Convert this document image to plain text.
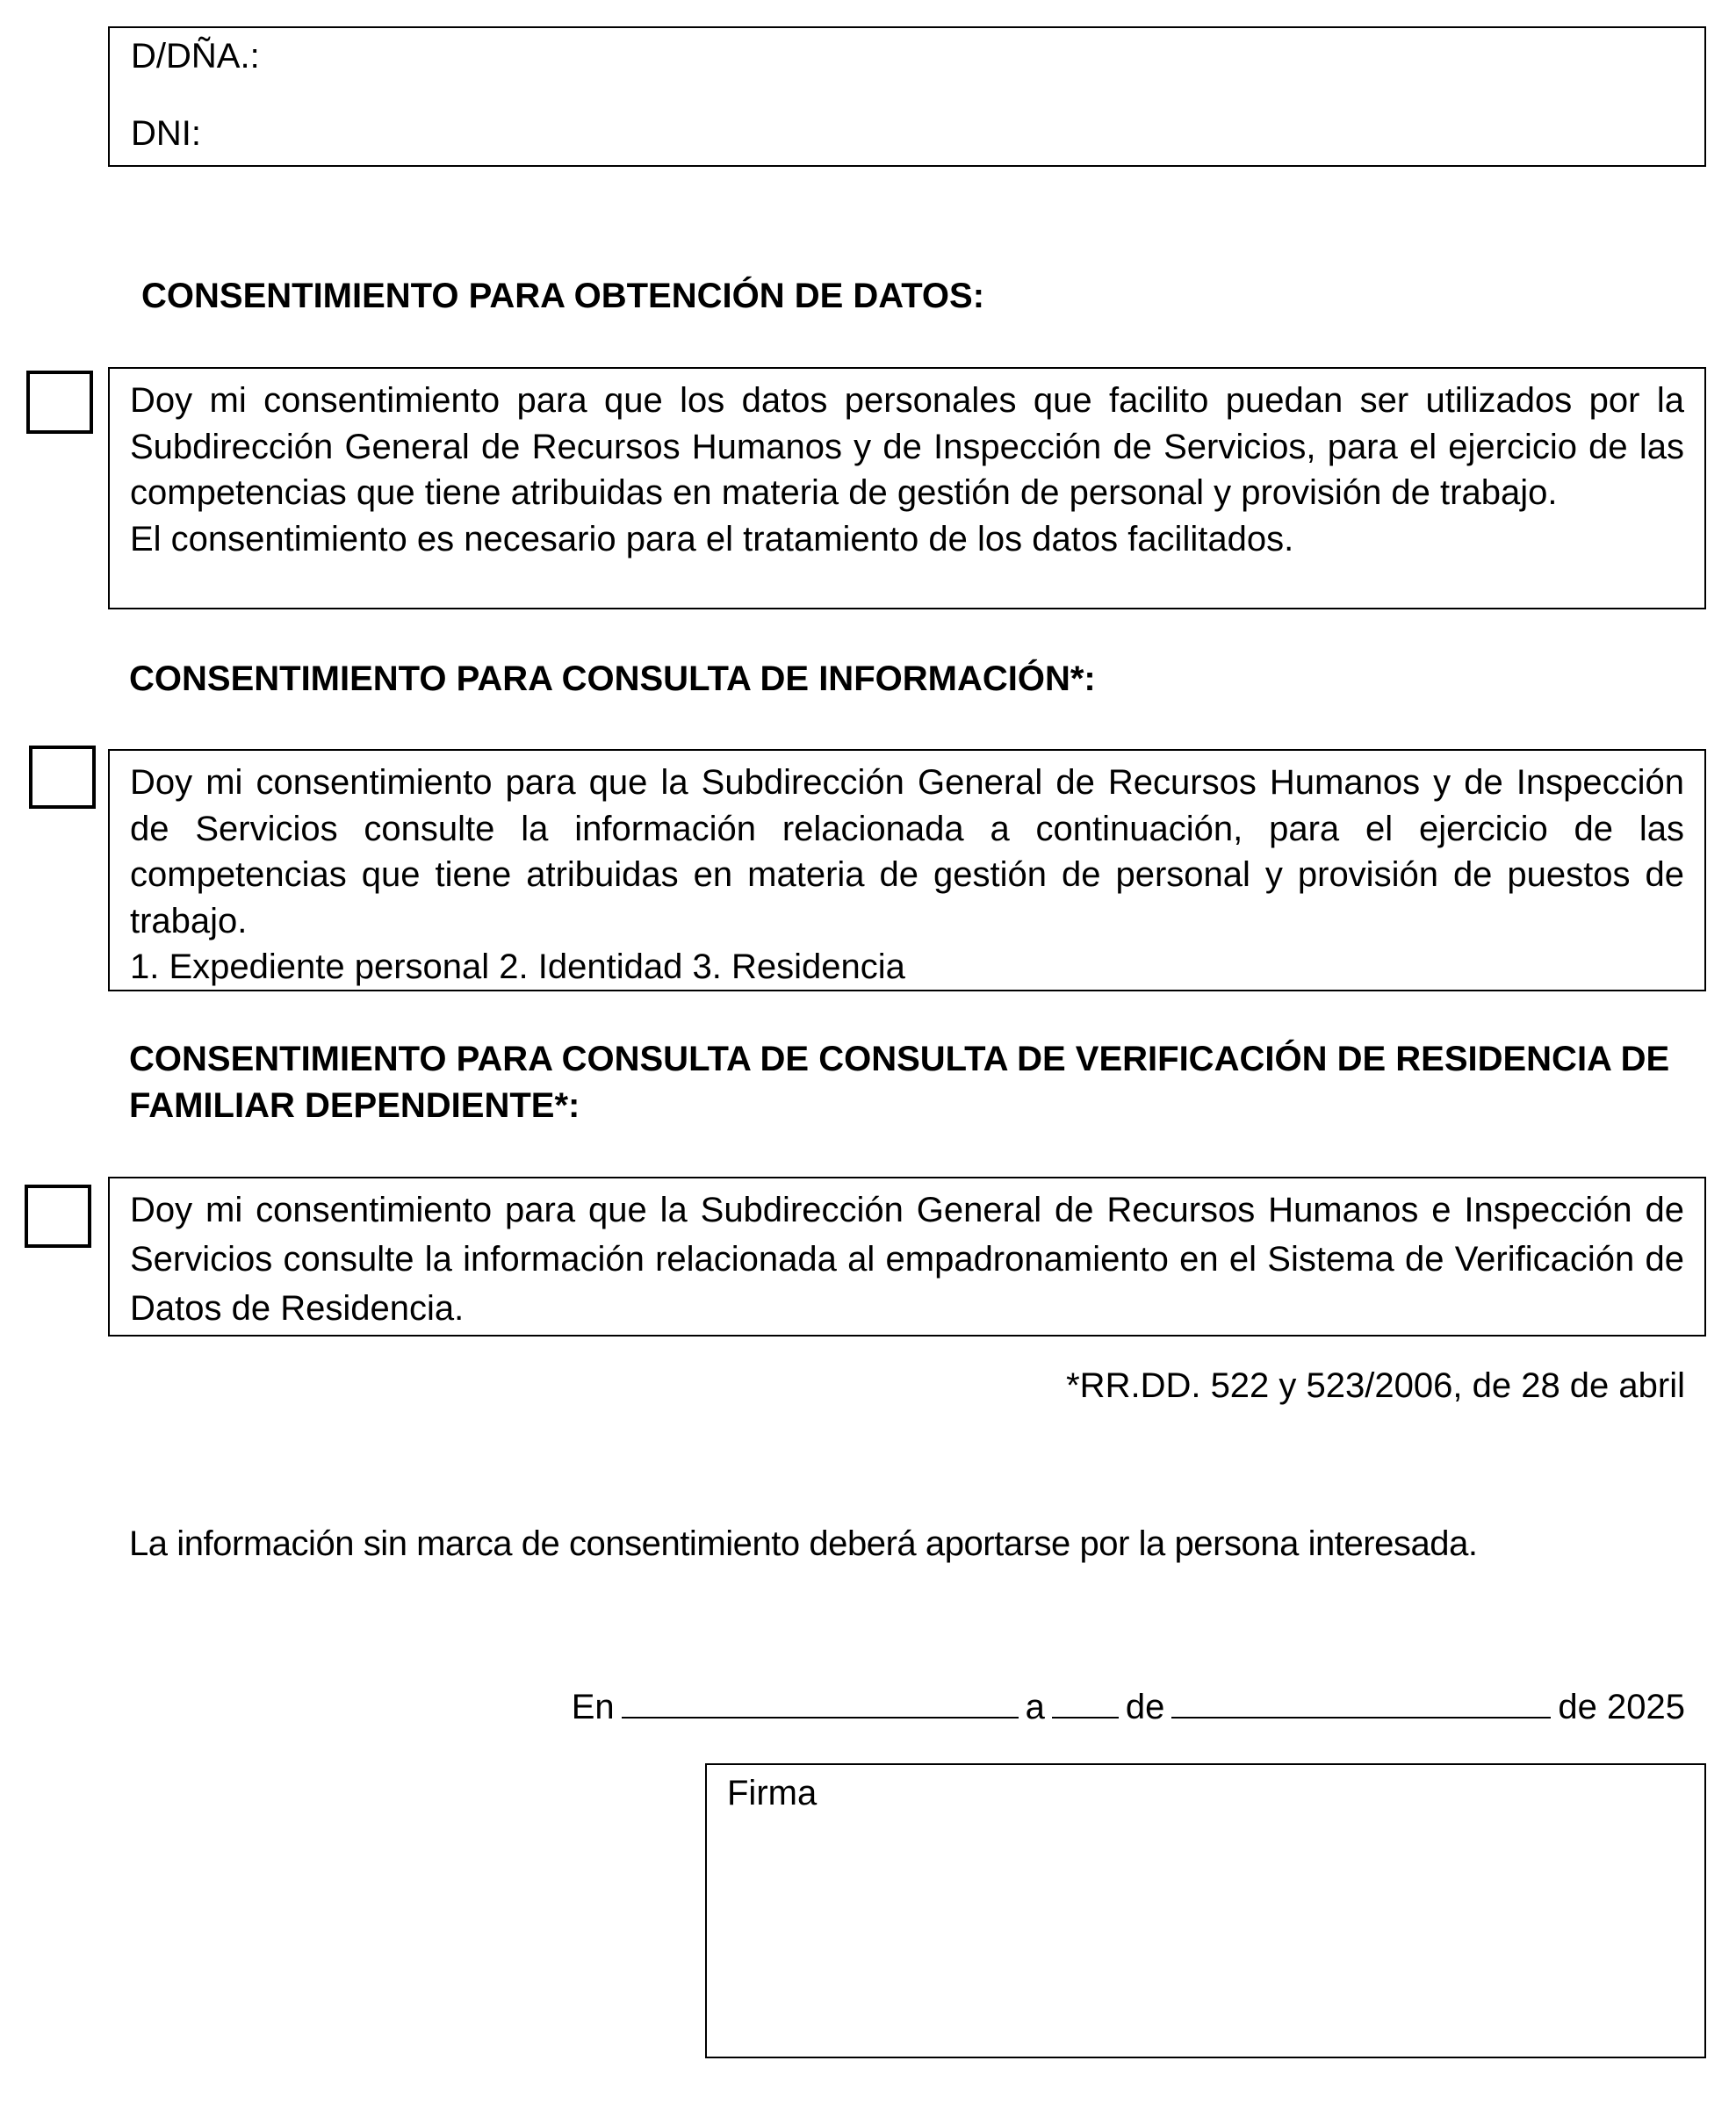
D/DÑA.:
DNI:
CONSENTIMIENTO PARA OBTENCIÓN DE DATOS:

Doy mi consentimiento para que los datos personales que facilito puedan ser utilizados por la Subdirección General de Recursos Humanos y de Inspección de Servicios, para el ejercicio de las competencias que tiene atribuidas en materia de gestión de personal y provisión de trabajo.

El consentimiento es necesario para el tratamiento de los datos facilitados.

CONSENTIMIENTO PARA CONSULTA DE INFORMACIÓN*:

Doy mi consentimiento para que la Subdirección General de Recursos Humanos y de Inspección de Servicios consulte la información relacionada a continuación, para el ejercicio de las competencias que tiene atribuidas en materia de gestión de personal y provisión de puestos de trabajo.

1. Expediente personal 2. Identidad 3. Residencia

CONSENTIMIENTO PARA CONSULTA DE CONSULTA DE VERIFICACIÓN DE RESIDENCIA DE FAMILIAR DEPENDIENTE*:

Doy mi consentimiento para que la Subdirección General de Recursos Humanos e Inspección de Servicios consulte la información relacionada al empadronamiento en el Sistema de Verificación de Datos de Residencia.

*RR.DD. 522 y 523/2006, de 28 de abril
La información sin marca de consentimiento deberá aportarse por la persona interesada.
En	a de	de 2025
Firma
